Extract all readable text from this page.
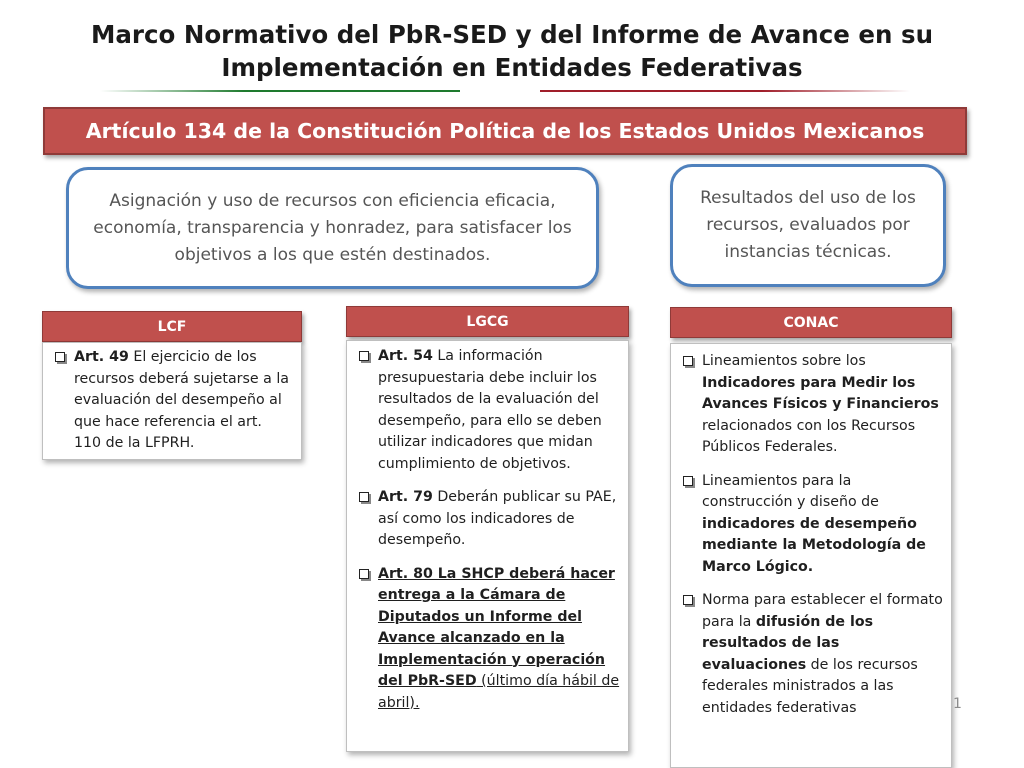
Marco Normativo del PbR-SED y del Informe de Avance en su
Implementación en Entidades Federativas
Artículo 134 de la Constitución Política de los Estados Unidos Mexicanos
Asignación y uso de recursos con eficiencia eficacia, economía, transparencia y honradez, para satisfacer los objetivos a los que estén destinados.
Resultados del uso de los recursos, evaluados por instancias técnicas.
LCF
Art. 49 El ejercicio de los recursos deberá sujetarse a la evaluación del desempeño al que hace referencia el art. 110 de la LFPRH.
LGCG
Art. 54 La información presupuestaria debe incluir los resultados de la evaluación del desempeño, para ello se deben utilizar indicadores que midan cumplimiento de objetivos.
Art. 79 Deberán publicar su PAE, así como los indicadores de desempeño.
Art. 80 La SHCP deberá hacer entrega a la Cámara de Diputados un Informe del Avance alcanzado en la Implementación y operación del PbR-SED (último día hábil de abril).
CONAC
Lineamientos sobre los Indicadores para Medir los Avances Físicos y Financieros relacionados con los Recursos Públicos Federales.
Lineamientos para la construcción y diseño de indicadores de desempeño mediante la Metodología de Marco Lógico.
Norma para establecer el formato para la difusión de los resultados de las evaluaciones de los recursos federales ministrados a las entidades federativas	1
